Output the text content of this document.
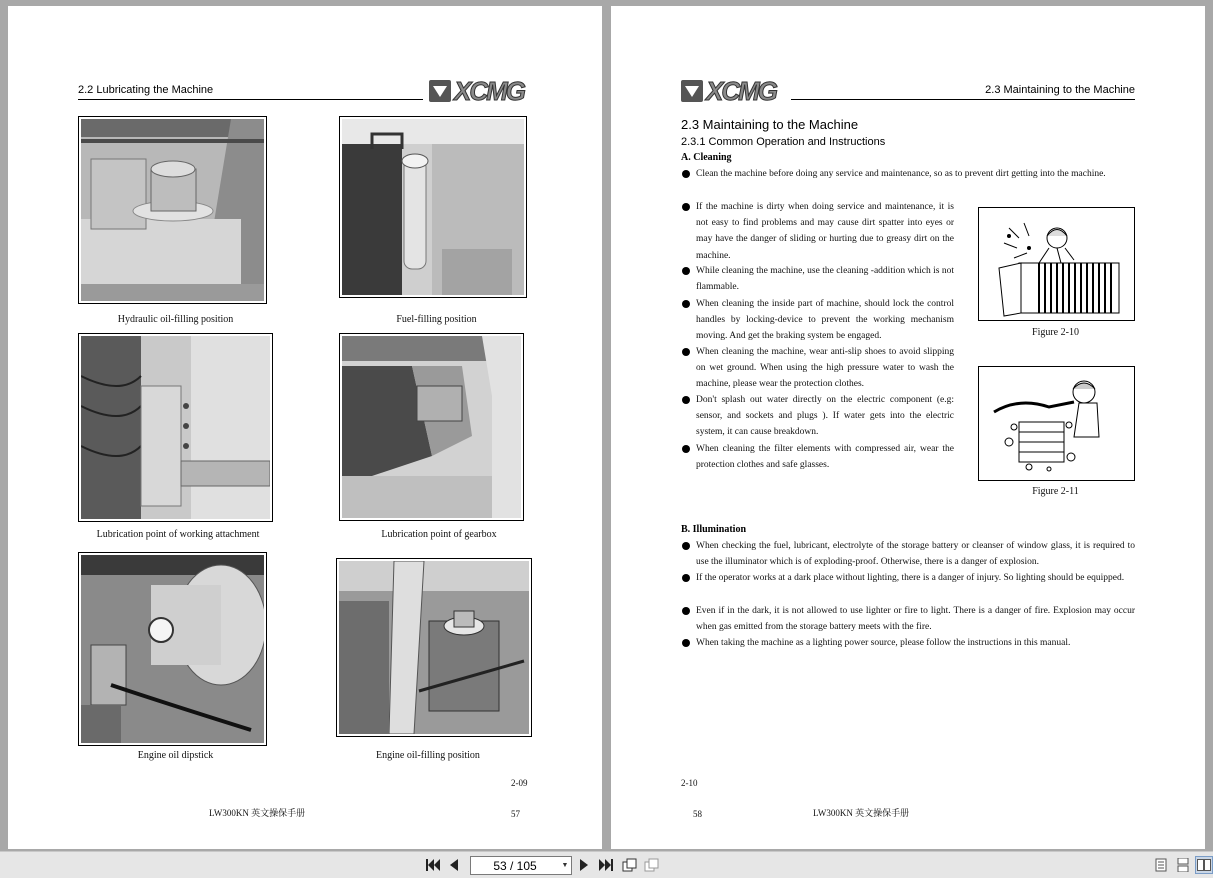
2.2 Lubricating the Machine	XCMG
Hydraulic oil-filling position	Fuel-filling position
Lubrication point of working attachment	Lubrication point of gearbox
Engine oil dipstick	Engine oil-filling position
2-09
LW300KN 英文操保手册	57
XCMG	2.3 Maintaining to the Machine
2.3 Maintaining to the Machine
2.3.1 Common Operation and Instructions
A. Cleaning
Clean the machine before doing any service and maintenance, so as to prevent dirt getting into the machine.
If the machine is dirty when doing service and maintenance, it is not easy to find problems and may cause dirt spatter into eyes or may have the danger of sliding or hurting due to greasy dirt on the machine.
While cleaning the machine, use the cleaning -addition which is not flammable.
When cleaning the inside part of machine, should lock the control handles by locking-device to prevent the working mechanism moving. And get the braking system be engaged.
When cleaning the machine, wear anti-slip shoes to avoid slipping on wet ground. When using the high pressure water to wash the machine, please wear the protection clothes.
Don't splash out water directly on the electric component (e.g: sensor, and sockets and plugs ). If water gets into the electric system, it can cause breakdown.
When cleaning the filter elements with compressed air, wear the protection clothes and safe glasses.
Figure 2-10
Figure 2-11
B. Illumination
When checking the fuel, lubricant, electrolyte of the storage battery or cleanser of window glass, it is required to use the illuminator which is of exploding-proof. Otherwise, there is a danger of explosion.
If the operator works at a dark place without lighting, there is a danger of injury. So lighting should be equipped.
Even if in the dark, it is not allowed to use lighter or fire to light. There is a danger of fire. Explosion may occur when gas emitted from the storage battery meets with the fire.
When taking the machine as a lighting power source, please follow the instructions in this manual.
2-10
58	LW300KN 英文操保手册
53 / 105	▼
